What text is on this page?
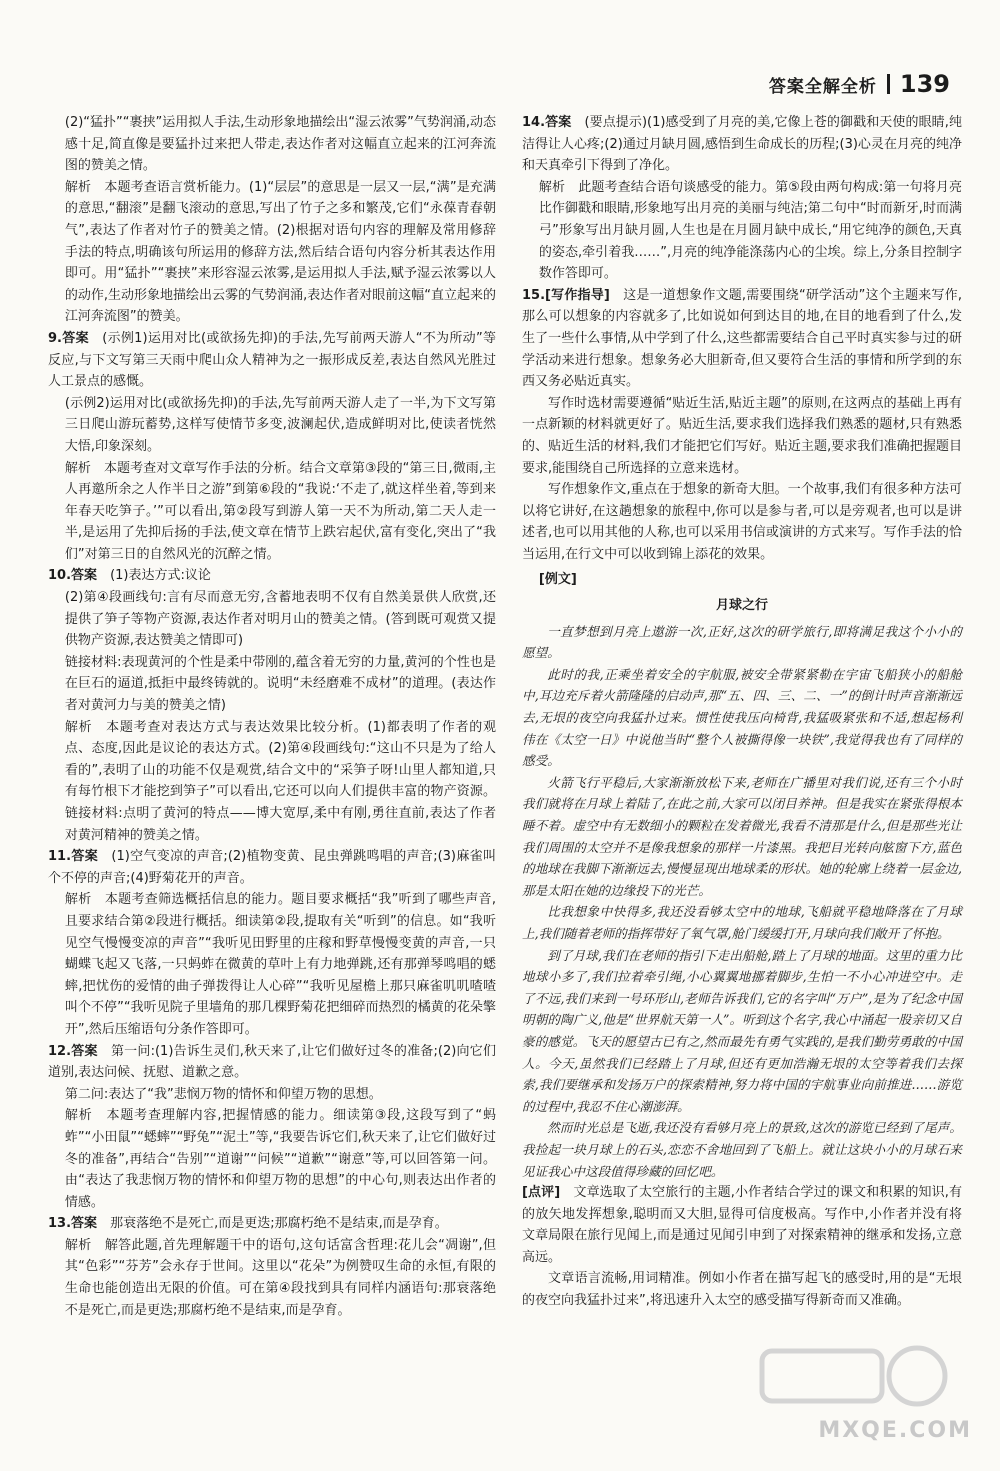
答案全解全析 139

(2)“猛扑”“裹挟”运用拟人手法,生动形象地描绘出“湿云浓雾”气势润涌,动态感十足,简直像是要猛扑过来把人带走,表达作者对这幅直立起来的江河奔流图的赞美之情。

解析　本题考查语言赏析能力。(1)“层层”的意思是一层又一层,“满”是充满的意思,“翻滚”是翻飞滚动的意思,写出了竹子之多和繁茂,它们“永葆青春朝气”,表达了作者对竹子的赞美之情。(2)根据对语句内容的理解及常用修辞手法的特点,明确该句所运用的修辞方法,然后结合语句内容分析其表达作用即可。用“猛扑”“裹挟”来形容湿云浓雾,是运用拟人手法,赋予湿云浓雾以人的动作,生动形象地描绘出云雾的气势润涌,表达作者对眼前这幅“直立起来的江河奔流图”的赞美。

9.答案　 (示例1)运用对比(或欲扬先抑)的手法,先写前两天游人“不为所动”等反应,与下文写第三天雨中爬山众人精神为之一振形成反差,表达自然风光胜过人工景点的感慨。

(示例2)运用对比(或欲扬先抑)的手法,先写前两天游人走了一半,为下文写第三日爬山游玩蓄势,这样写使情节多变,波澜起伏,造成鲜明对比,使读者恍然大悟,印象深刻。

解析　本题考查对文章写作手法的分析。结合文章第③段的“第三日,微雨,主人再邀所余之人作半日之游”到第⑥段的“我说:‘不走了,就这样坐着,等到来年春天吃笋子。’”可以看出,第②段写到游人第一天不为所动,第二天人走一半,是运用了先抑后扬的手法,使文章在情节上跌宕起伏,富有变化,突出了“我们”对第三日的自然风光的沉醉之情。

10.答案　 (1)表达方式:议论

(2)第④段画线句:言有尽而意无穷,含蓄地表明不仅有自然美景供人欣赏,还提供了笋子等物产资源,表达作者对明月山的赞美之情。(答到既可观赏又提供物产资源,表达赞美之情即可)

链接材料:表现黄河的个性是柔中带刚的,蕴含着无穷的力量,黄河的个性也是在巨石的逼道,抵拒中最终铸就的。说明“未经磨难不成材”的道理。(表达作者对黄河力与美的赞美之情)

解析　本题考查对表达方式与表达效果比较分析。(1)都表明了作者的观点、态度,因此是议论的表达方式。(2)第④段画线句:“这山不只是为了给人看的”,表明了山的功能不仅是观赏,结合文中的“采笋子呀!山里人都知道,只有每竹根下才能挖到笋子”可以看出,它还可以向人们提供丰富的物产资源。链接材料:点明了黄河的特点——博大宽厚,柔中有刚,勇往直前,表达了作者对黄河精神的赞美之情。

11.答案　 (1)空气变凉的声音;(2)植物变黄、昆虫弹跳鸣唱的声音;(3)麻雀叫个不停的声音;(4)野菊花开的声音。

解析　本题考查筛选概括信息的能力。题目要求概括“我”听到了哪些声音,且要求结合第②段进行概括。细读第②段,提取有关“听到”的信息。如“我听见空气慢慢变凉的声音”“我听见田野里的庄稼和野草慢慢变黄的声音,一只蝴蝶飞起又飞落,一只蚂蚱在微黄的草叶上有力地弹跳,还有那弹琴鸣唱的蟋蟀,把忧伤的爱情的曲子弹拨得让人心碎”“我听见屋檐上那只麻雀叽叽喳喳叫个不停”“我听见院子里墙角的那几棵野菊花把细碎而热烈的橘黄的花朵擎开”,然后压缩语句分条作答即可。

12.答案　 第一问:(1)告诉生灵们,秋天来了,让它们做好过冬的准备;(2)向它们道别,表达问候、抚慰、道歉之意。

第二问:表达了“我”悲悯万物的情怀和仰望万物的思想。

解析　本题考查理解内容,把握情感的能力。细读第③段,这段写到了“蚂蚱”“小田鼠”“蟋蟀”“野兔”“泥土”等,“我要告诉它们,秋天来了,让它们做好过冬的准备”,再结合“告别”“道谢”“问候”“道歉”“谢意”等,可以回答第一问。由“表达了我悲悯万物的情怀和仰望万物的思想”的中心句,则表达出作者的情感。

13.答案　 那衰落绝不是死亡,而是更迭;那腐朽绝不是结束,而是孕育。

解析　解答此题,首先理解题干中的语句,这句话富含哲理:花儿会“凋谢”,但其“色彩”“芬芳”会永存于世间。这里以“花朵”为例赞叹生命的永恒,有限的生命也能创造出无限的价值。可在第④段找到具有同样内涵语句:那衰落绝不是死亡,而是更迭;那腐朽绝不是结束,而是孕育。

14.答案　 (要点提示)(1)感受到了月亮的美,它像上苍的御戳和天使的眼睛,纯洁得让人心疼;(2)通过月缺月圆,感悟到生命成长的历程;(3)心灵在月亮的纯净和天真牵引下得到了净化。

解析　此题考查结合语句谈感受的能力。第⑤段由两句构成:第一句将月亮比作御戳和眼睛,形象地写出月亮的美丽与纯洁;第二句中“时而新牙,时而满弓”形象写出月缺月圆,人生也是在月圆月缺中成长,“用它纯净的颜色,天真的姿态,牵引着我……”,月亮的纯净能涤荡内心的尘埃。综上,分条目控制字数作答即可。

15.[写作指导]　 这是一道想象作文题,需要围绕“研学活动”这个主题来写作,那么可以想象的内容就多了,比如说如何到达目的地,在目的地看到了什么,发生了一些什么事情,从中学到了什么,这些都需要结合自己平时真实参与过的研学活动来进行想象。想象务必大胆新奇,但又要符合生活的事情和所学到的东西又务必贴近真实。

写作时选材需要遵循“贴近生活,贴近主题”的原则,在这两点的基础上再有一点新颖的材料就更好了。贴近生活,要求我们选择我们熟悉的题材,只有熟悉的、贴近生活的材料,我们才能把它们写好。贴近主题,要求我们准确把握题目要求,能围绕自己所选择的立意来选材。

写作想象作文,重点在于想象的新奇大胆。一个故事,我们有很多种方法可以将它讲好,在这趟想象的旅程中,你可以是参与者,可以是旁观者,也可以是讲述者,也可以用其他的人称,也可以采用书信或演讲的方式来写。写作手法的恰当运用,在行文中可以收到锦上添花的效果。

[例文]
月球之行

一直梦想到月亮上遨游一次,正好,这次的研学旅行,即将满足我这个小小的愿望。

此时的我,正乘坐着安全的宇航服,被安全带紧紧勒在宇宙飞船狭小的船舱中,耳边充斥着火箭隆隆的启动声,那“五、四、三、二、一”的倒计时声音渐渐远去,无垠的夜空向我猛扑过来。惯性使我压向椅背,我猛吸紧张和不适,想起杨利伟在《太空一日》中说他当时“整个人被撕得像一块铁”,我觉得我也有了同样的感受。

火箭飞行平稳后,大家渐渐放松下来,老师在广播里对我们说,还有三个小时我们就将在月球上着陆了,在此之前,大家可以闭目养神。但是我实在紧张得根本睡不着。虚空中有无数细小的颗粒在发着微光,我看不清那是什么,但是那些光让我们周围的太空并不是像我想象的那样一片漆黑。我把目光转向舷窗下方,蓝色的地球在我脚下渐渐远去,慢慢显现出地球柔的形状。她的轮廓上绕着一层金边,那是太阳在她的边缘投下的光芒。

比我想象中快得多,我还没看够太空中的地球,飞船就平稳地降落在了月球上,我们随着老师的指挥带好了氧气罩,舱门缓缓打开,月球向我们敞开了怀抱。

到了月球,我们在老师的指引下走出船舱,踏上了月球的地面。这里的重力比地球小多了,我们拉着牵引绳,小心翼翼地挪着脚步,生怕一不小心冲进空中。走了不远,我们来到一号环形山,老师告诉我们,它的名字叫“万户”,是为了纪念中国明朝的陶广义,他是“世界航天第一人”。听到这个名字,我心中涌起一股亲切又自豪的感觉。飞天的愿望古已有之,然而最先有勇气实践的,是我们勤劳勇敢的中国人。今天,虽然我们已经踏上了月球,但还有更加浩瀚无垠的太空等着我们去探索,我们要继承和发扬万户的探索精神,努力将中国的宇航事业向前推进……游览的过程中,我忍不住心潮澎湃。

然而时光总是飞逝,我还没有看够月亮上的景致,这次的游览已经到了尾声。我捡起一块月球上的石头,恋恋不舍地回到了飞船上。就让这块小小的月球石来见证我心中这段值得珍藏的回忆吧。

[点评]　 文章选取了太空旅行的主题,小作者结合学过的课文和积累的知识,有的放矢地发挥想象,聪明而又大胆,显得可信度极高。写作中,小作者并没有将文章局限在旅行见闻上,而是通过见闻引申到了对探索精神的继承和发扬,立意高远。

文章语言流畅,用词精准。例如小作者在描写起飞的感受时,用的是“无垠的夜空向我猛扑过来”,将迅速升入太空的感受描写得新奇而又准确。

MXQE.COM
